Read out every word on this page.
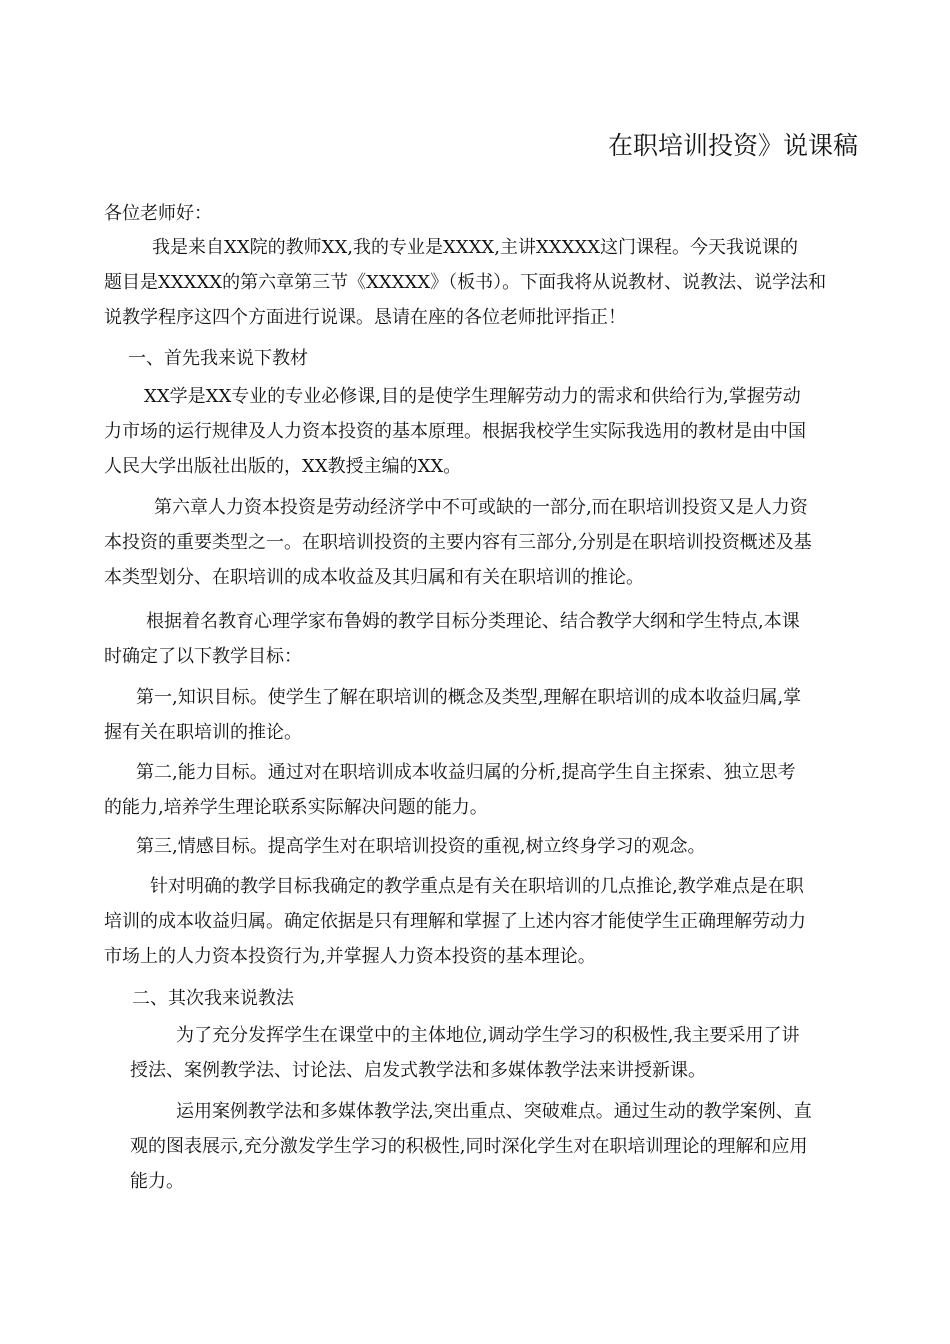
在职培训投资》说课稿
各位老师好：
我是来自XX院的教师XX,我的专业是XXXX,主讲XXXXX这门课程。今天我说课的
题目是XXXXX的第六章第三节《XXXXX》（板书）。下面我将从说教材、说教法、说学法和
说教学程序这四个方面进行说课。恳请在座的各位老师批评指正！
一、首先我来说下教材
XX学是XX专业的专业必修课,目的是使学生理解劳动力的需求和供给行为,掌握劳动
力市场的运行规律及人力资本投资的基本原理。根据我校学生实际我选用的教材是由中国
人民大学出版社出版的，XX教授主编的XX。
第六章人力资本投资是劳动经济学中不可或缺的一部分,而在职培训投资又是人力资
本投资的重要类型之一。在职培训投资的主要内容有三部分,分别是在职培训投资概述及基
本类型划分、在职培训的成本收益及其归属和有关在职培训的推论。
根据着名教育心理学家布鲁姆的教学目标分类理论、结合教学大纲和学生特点,本课
时确定了以下教学目标：
第一,知识目标。使学生了解在职培训的概念及类型,理解在职培训的成本收益归属,掌
握有关在职培训的推论。
第二,能力目标。通过对在职培训成本收益归属的分析,提高学生自主探索、独立思考
的能力,培养学生理论联系实际解决问题的能力。
第三,情感目标。提高学生对在职培训投资的重视,树立终身学习的观念。
针对明确的教学目标我确定的教学重点是有关在职培训的几点推论,教学难点是在职
培训的成本收益归属。确定依据是只有理解和掌握了上述内容才能使学生正确理解劳动力
市场上的人力资本投资行为,并掌握人力资本投资的基本理论。
二、其次我来说教法
为了充分发挥学生在课堂中的主体地位,调动学生学习的积极性,我主要采用了讲
授法、案例教学法、讨论法、启发式教学法和多媒体教学法来讲授新课。
运用案例教学法和多媒体教学法,突出重点、突破难点。通过生动的教学案例、直
观的图表展示,充分激发学生学习的积极性,同时深化学生对在职培训理论的理解和应用
能力。
